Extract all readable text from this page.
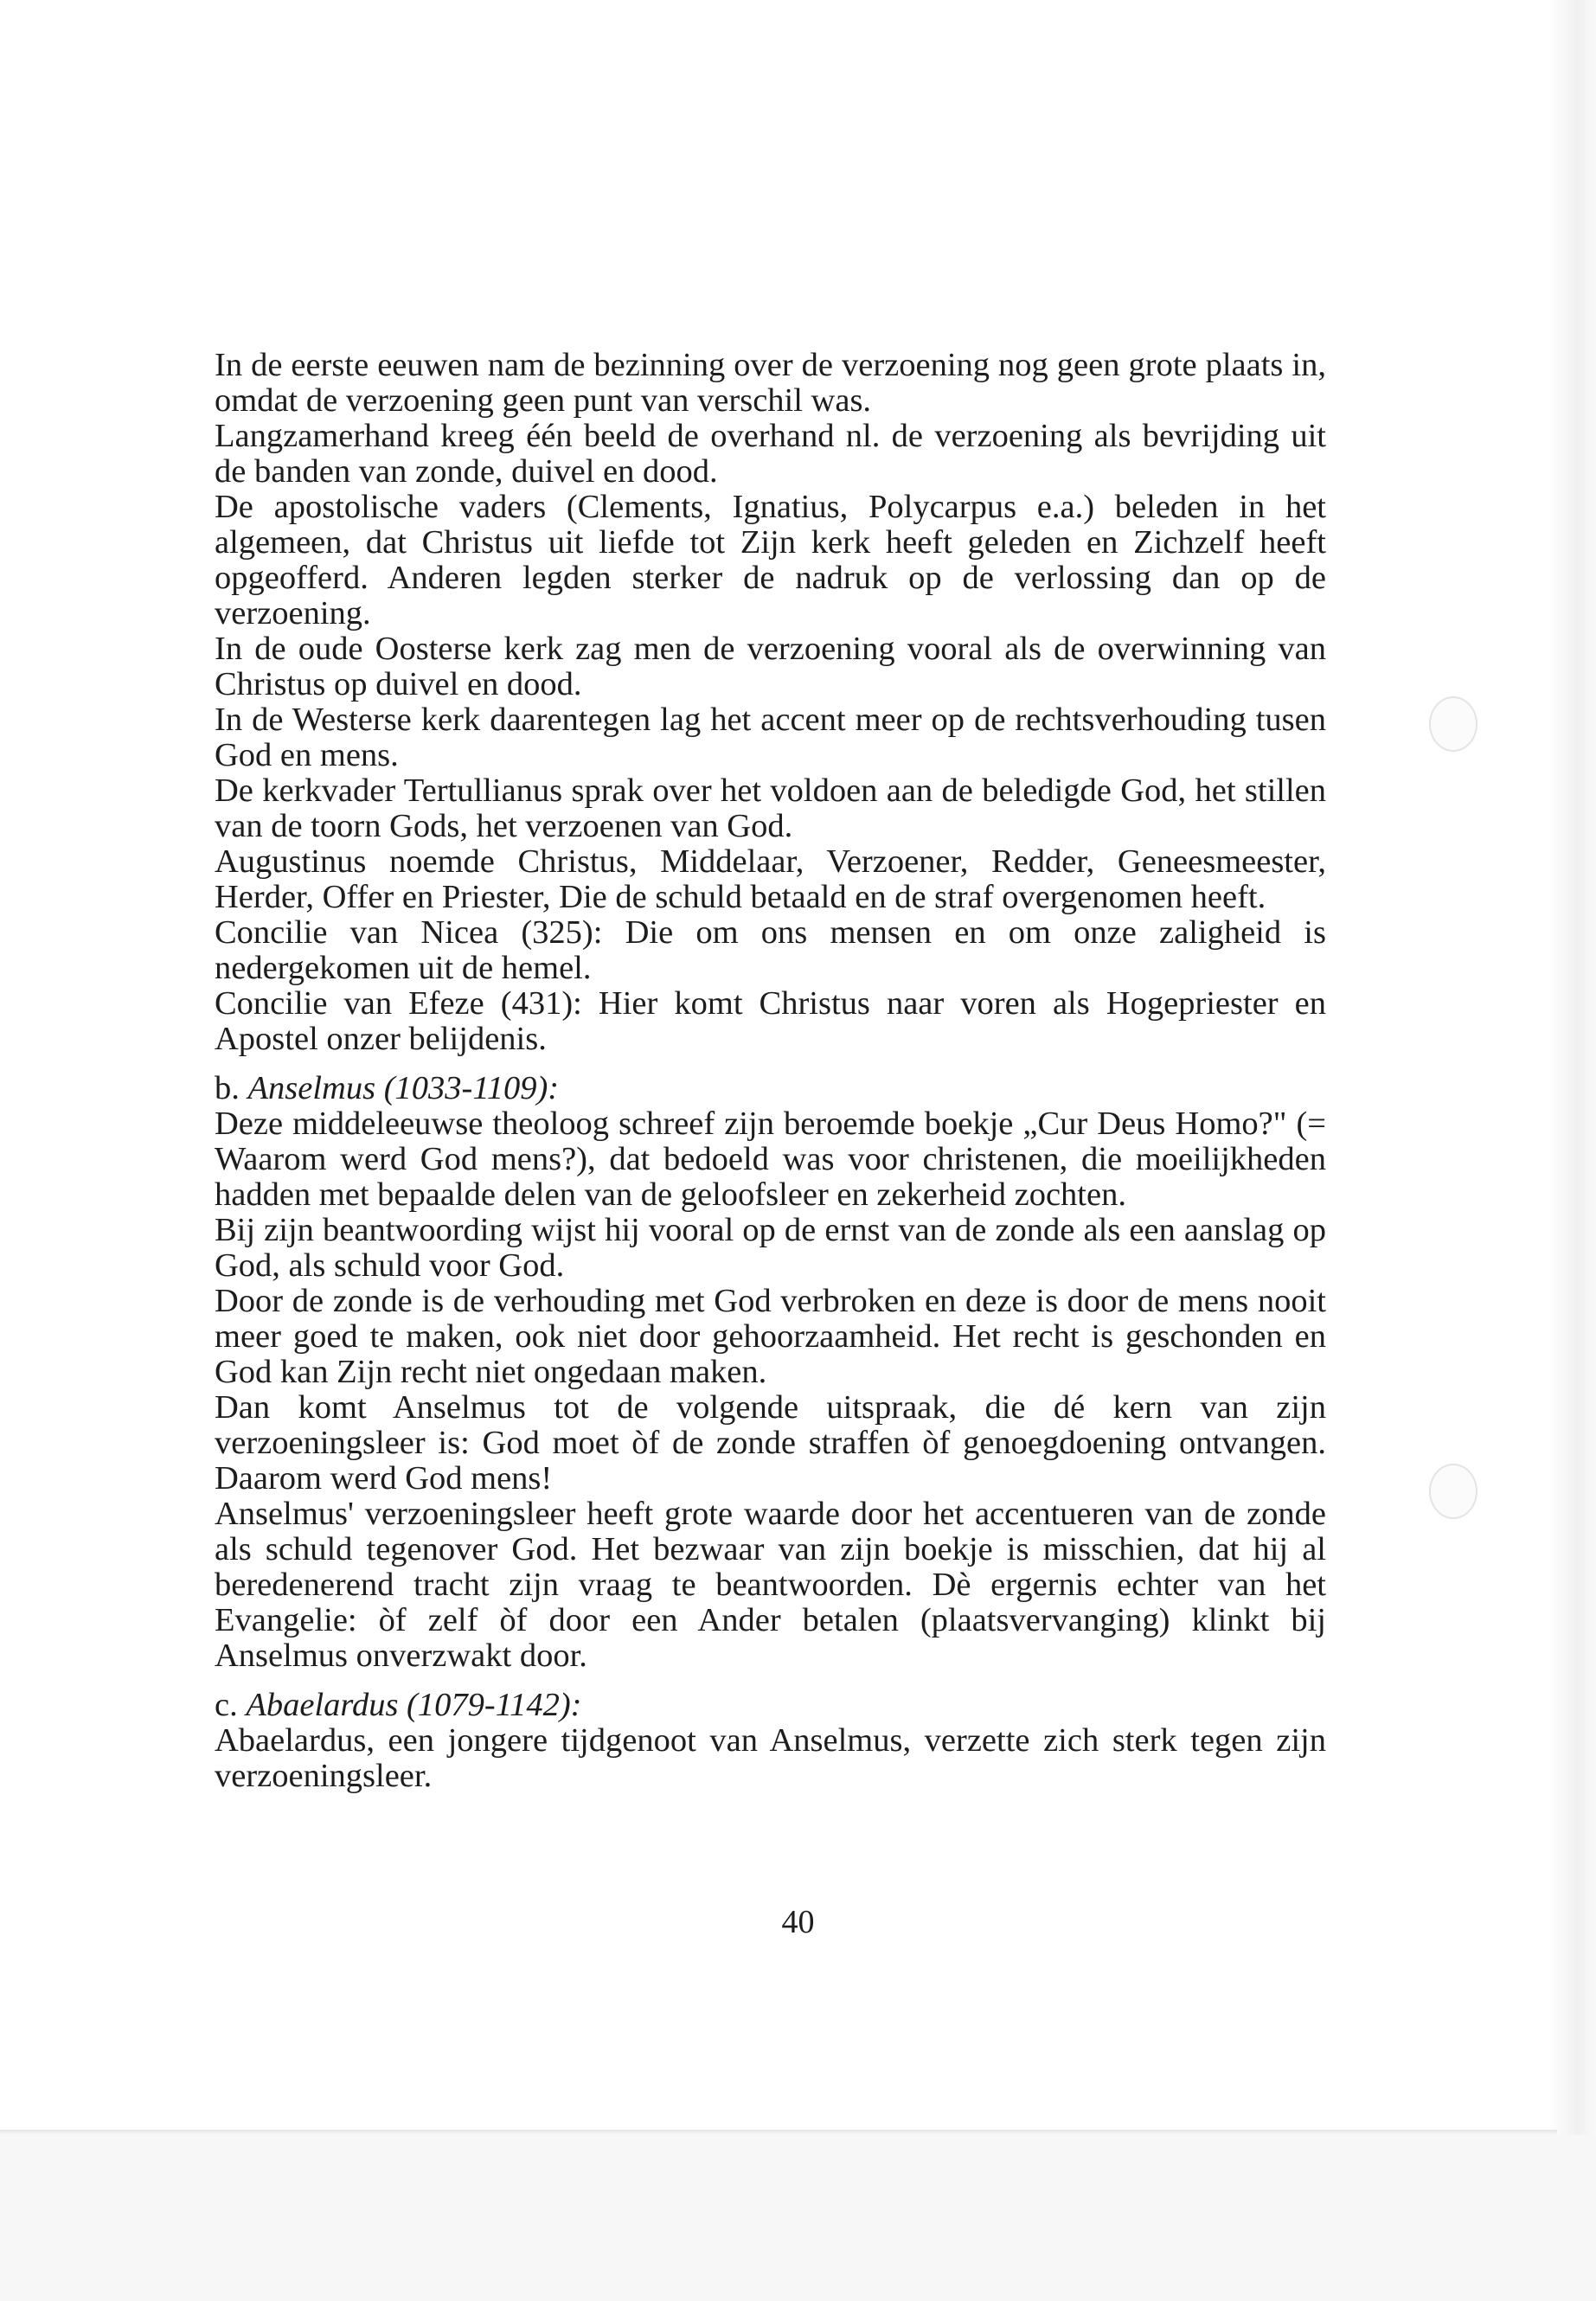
In de eerste eeuwen nam de bezinning over de verzoening nog geen grote plaats in, omdat de verzoening geen punt van verschil was.

Langzamerhand kreeg één beeld de overhand nl. de verzoening als bevrijding uit de banden van zonde, duivel en dood.

De apostolische vaders (Clements, Ignatius, Polycarpus e.a.) beleden in het algemeen, dat Christus uit liefde tot Zijn kerk heeft geleden en Zichzelf heeft opgeofferd. Anderen legden sterker de nadruk op de verlossing dan op de verzoening.

In de oude Oosterse kerk zag men de verzoening vooral als de overwinning van Christus op duivel en dood.

In de Westerse kerk daarentegen lag het accent meer op de rechtsverhouding tusen God en mens.

De kerkvader Tertullianus sprak over het voldoen aan de beledigde God, het stillen van de toorn Gods, het verzoenen van God.

Augustinus noemde Christus, Middelaar, Verzoener, Redder, Geneesmeester, Herder, Offer en Priester, Die de schuld betaald en de straf overgenomen heeft.

Concilie van Nicea (325): Die om ons mensen en om onze zaligheid is nedergekomen uit de hemel.

Concilie van Efeze (431): Hier komt Christus naar voren als Hogepriester en Apostel onzer belijdenis.

b. Anselmus (1033-1109):

Deze middeleeuwse theoloog schreef zijn beroemde boekje „Cur Deus Homo?" (= Waarom werd God mens?), dat bedoeld was voor christenen, die moeilijkheden hadden met bepaalde delen van de geloofsleer en zekerheid zochten.

Bij zijn beantwoording wijst hij vooral op de ernst van de zonde als een aanslag op God, als schuld voor God.

Door de zonde is de verhouding met God verbroken en deze is door de mens nooit meer goed te maken, ook niet door gehoorzaamheid. Het recht is geschonden en God kan Zijn recht niet ongedaan maken.

Dan komt Anselmus tot de volgende uitspraak, die dé kern van zijn verzoeningsleer is: God moet òf de zonde straffen òf genoegdoening ontvangen. Daarom werd God mens!

Anselmus' verzoeningsleer heeft grote waarde door het accentueren van de zonde als schuld tegenover God. Het bezwaar van zijn boekje is misschien, dat hij al beredenerend tracht zijn vraag te beantwoorden. Dè ergernis echter van het Evangelie: òf zelf òf door een Ander betalen (plaatsvervanging) klinkt bij Anselmus onverzwakt door.

c. Abaelardus (1079-1142):

Abaelardus, een jongere tijdgenoot van Anselmus, verzette zich sterk tegen zijn verzoeningsleer.

40
